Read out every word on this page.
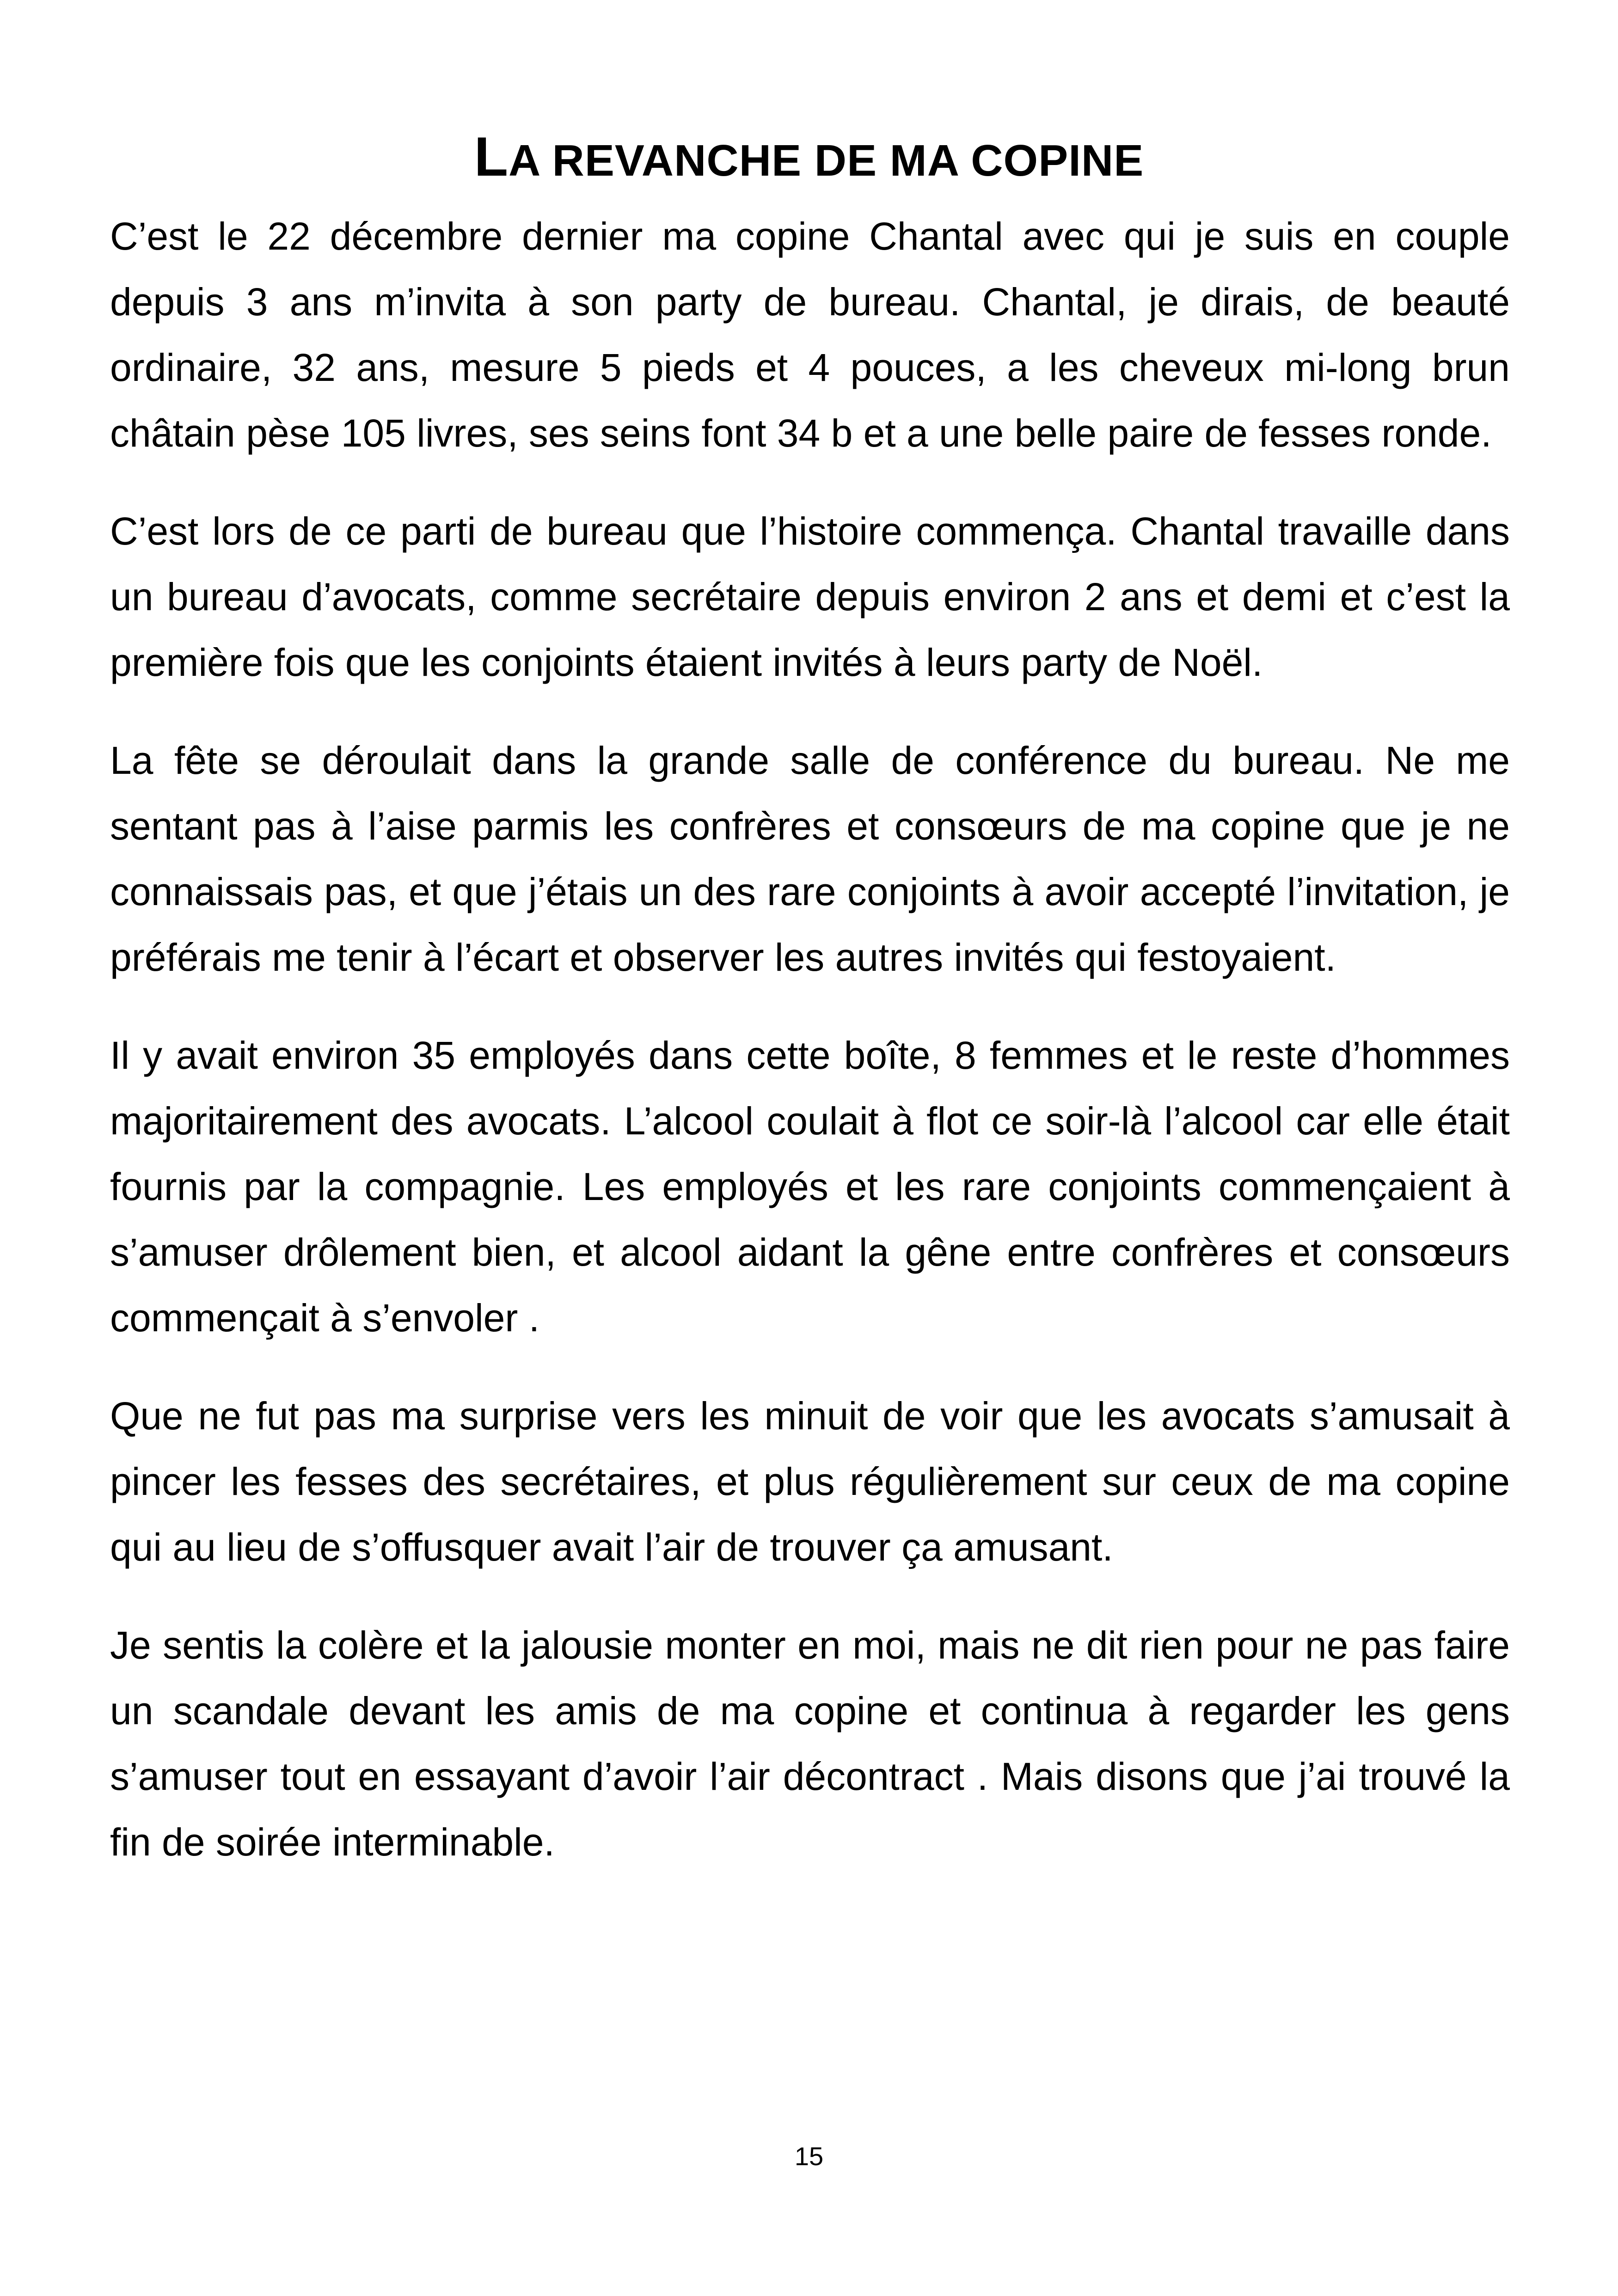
LA REVANCHE DE MA COPINE

C’est le 22 décembre dernier ma copine Chantal avec qui je suis en couple depuis 3 ans m’invita à son party de bureau. Chantal, je dirais, de beauté ordinaire, 32 ans, mesure 5 pieds et 4 pouces, a les cheveux mi-long brun châtain pèse 105 livres, ses seins font 34 b et a une belle paire de fesses ronde.

C’est lors de ce parti de bureau que l’histoire commença. Chantal travaille dans un bureau d’avocats, comme secrétaire depuis environ 2 ans et demi et c’est la première fois que les conjoints étaient invités à leurs party de Noël.

La fête se déroulait dans la grande salle de conférence du bureau. Ne me sentant pas à l’aise parmis les confrères et consœurs de ma copine que je ne connaissais pas, et que j’étais un des rare conjoints à avoir accepté l’invitation, je préférais me tenir à l’écart et observer les autres invités qui festoyaient.

Il y avait environ 35 employés dans cette boîte, 8 femmes et le reste d’hommes majoritairement des avocats. L’alcool coulait à flot ce soir-là l’alcool car elle était fournis par la compagnie. Les employés et les rare conjoints commençaient à s’amuser drôlement bien, et alcool aidant la gêne entre confrères et consœurs commençait à s’envoler .

Que ne fut pas ma surprise vers les minuit de voir que les avocats s’amusait à pincer les fesses des secrétaires, et plus régulièrement sur ceux de ma copine qui au lieu de s’offusquer avait l’air de trouver ça amusant.

Je sentis la colère et la jalousie monter en moi, mais ne dit rien pour ne pas faire un scandale devant les amis de ma copine et continua à regarder les gens s’amuser tout en essayant d’avoir l’air décontract . Mais disons que j’ai trouvé la fin de soirée interminable.

15
